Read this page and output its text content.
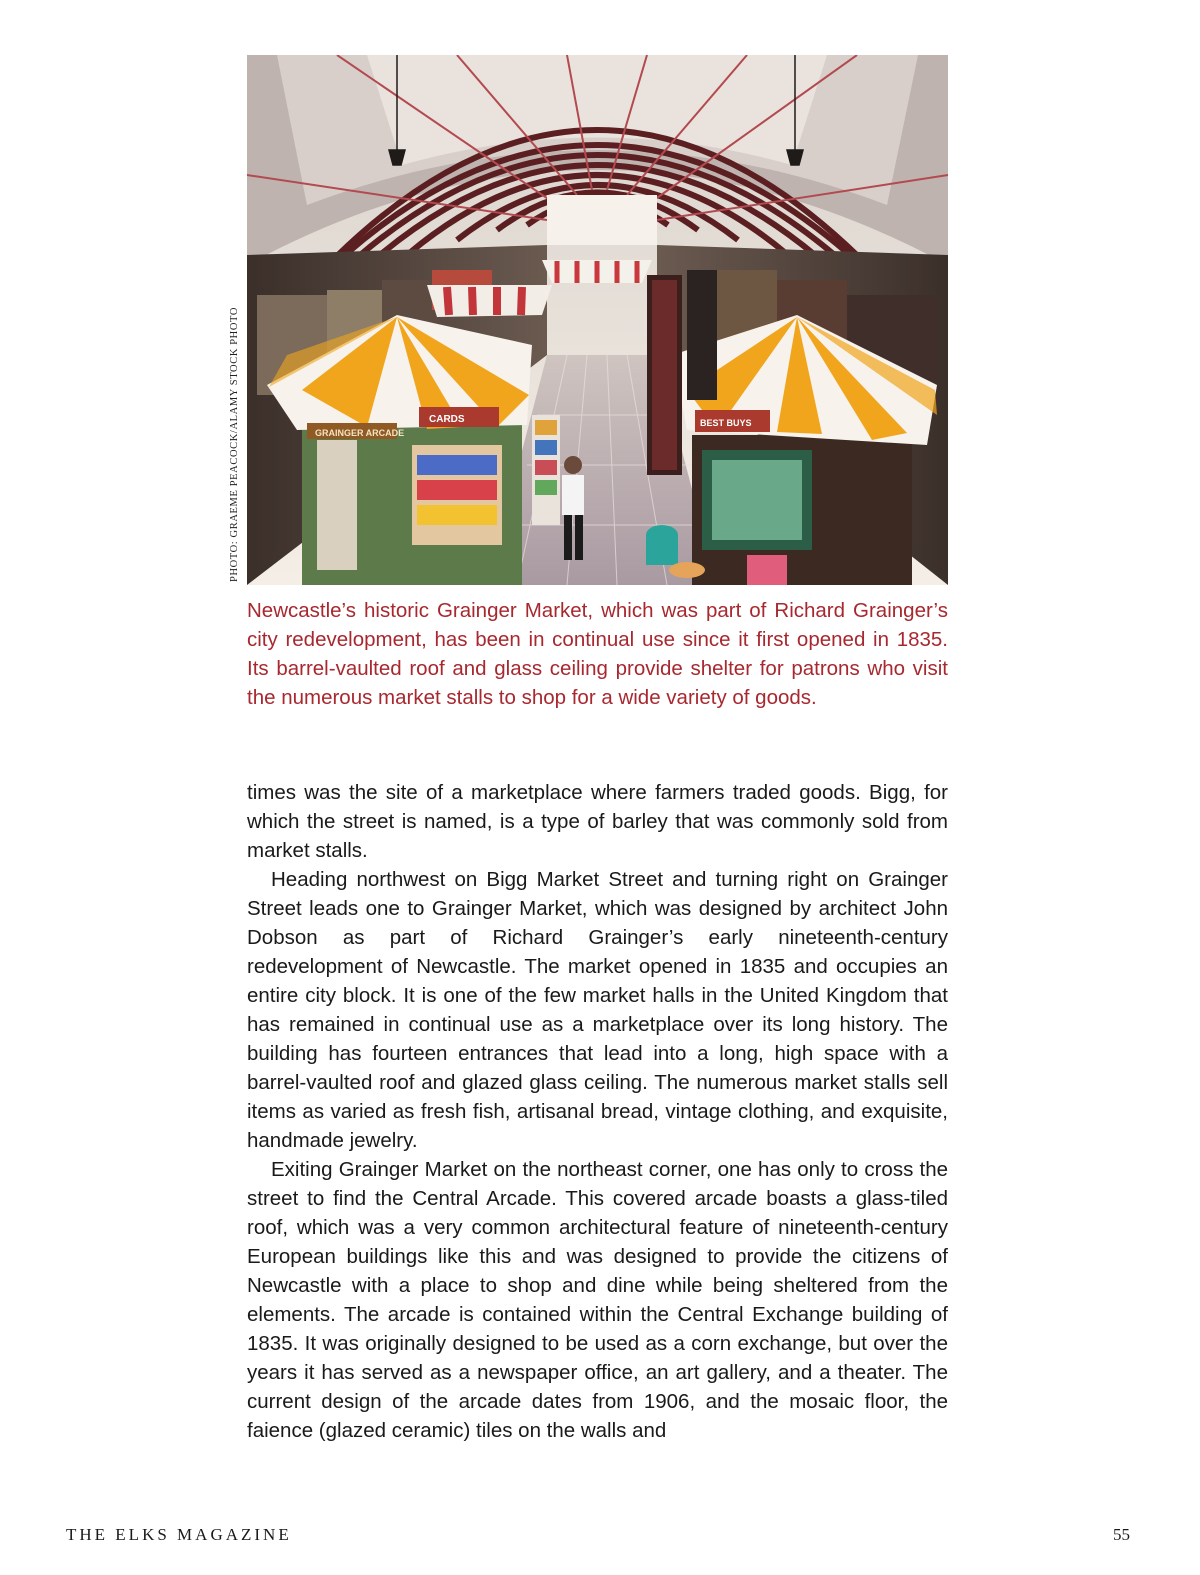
GRAINGER ARCADE
CARDS	BEST BUYS
PHOTO: GRAEME PEACOCK/ALAMY STOCK PHOTO

Newcastle’s historic Grainger Market, which was part of Richard Grainger’s city redevelopment, has been in continual use since it first opened in 1835. Its barrel-vaulted roof and glass ceiling provide shelter for patrons who visit the numerous market stalls to shop for a wide variety of goods.

times was the site of a marketplace where farmers traded goods. Bigg, for which the street is named, is a type of barley that was commonly sold from market stalls.

Heading northwest on Bigg Market Street and turning right on Grainger Street leads one to Grainger Market, which was designed by architect John Dobson as part of Richard Grainger’s early nineteenth-century redevelopment of Newcastle. The market opened in 1835 and occupies an entire city block. It is one of the few market halls in the United Kingdom that has remained in continual use as a marketplace over its long history. The building has fourteen entrances that lead into a long, high space with a barrel-vaulted roof and glazed glass ceiling. The numerous market stalls sell items as varied as fresh fish, artisanal bread, vintage clothing, and exquisite, handmade jewelry.

Exiting Grainger Market on the northeast corner, one has only to cross the street to find the Central Arcade. This covered arcade boasts a glass-tiled roof, which was a very common architectural feature of nineteenth-century European buildings like this and was designed to provide the citizens of Newcastle with a place to shop and dine while being sheltered from the elements. The arcade is contained within the Central Exchange building of 1835. It was originally designed to be used as a corn exchange, but over the years it has served as a newspaper office, an art gallery, and a theater. The current design of the arcade dates from 1906, and the mosaic floor, the faience (glazed ceramic) tiles on the walls and

THE ELKS MAGAZINE	55
